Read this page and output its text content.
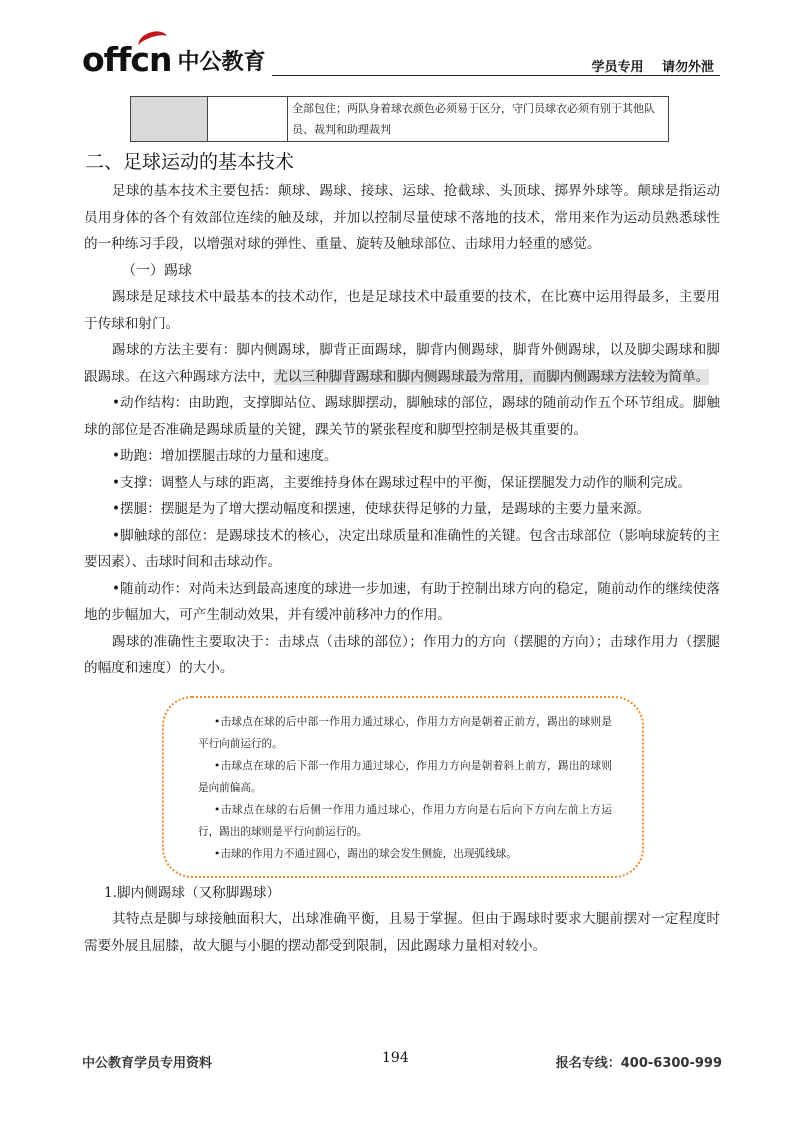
offcn 中公教育	学员专用 请勿外泄
		全部包住；两队身着球衣颜色必须易于区分，守门员球衣必须有别于其他队员、裁判和助理裁判
二、足球运动的基本技术

足球的基本技术主要包括：颠球、踢球、接球、运球、抢截球、头顶球、掷界外球等。颠球是指运动员用身体的各个有效部位连续的触及球，并加以控制尽量使球不落地的技术，常用来作为运动员熟悉球性的一种练习手段，以增强对球的弹性、重量、旋转及触球部位、击球用力轻重的感觉。

（一）踢球

踢球是足球技术中最基本的技术动作，也是足球技术中最重要的技术，在比赛中运用得最多，主要用于传球和射门。

踢球的方法主要有：脚内侧踢球，脚背正面踢球，脚背内侧踢球，脚背外侧踢球，以及脚尖踢球和脚跟踢球。在这六种踢球方法中，尤以三种脚背踢球和脚内侧踢球最为常用，而脚内侧踢球方法较为简单。

•动作结构：由助跑，支撑脚站位、踢球脚摆动，脚触球的部位，踢球的随前动作五个环节组成。脚触球的部位是否准确是踢球质量的关键，踝关节的紧张程度和脚型控制是极其重要的。

•助跑：增加摆腿击球的力量和速度。

•支撑：调整人与球的距离，主要维持身体在踢球过程中的平衡，保证摆腿发力动作的顺利完成。

•摆腿：摆腿是为了增大摆动幅度和摆速，使球获得足够的力量，是踢球的主要力量来源。

•脚触球的部位：是踢球技术的核心，决定出球质量和准确性的关键。包含击球部位（影响球旋转的主要因素）、击球时间和击球动作。

•随前动作：对尚未达到最高速度的球进一步加速，有助于控制出球方向的稳定，随前动作的继续使落地的步幅加大，可产生制动效果，并有缓冲前移冲力的作用。

踢球的准确性主要取决于：击球点（击球的部位）；作用力的方向（摆腿的方向）；击球作用力（摆腿的幅度和速度）的大小。

•击球点在球的后中部一作用力通过球心，作用力方向是朝着正前方，踢出的球则是平行向前运行的。

•击球点在球的后下部一作用力通过球心，作用力方向是朝着斜上前方，踢出的球则是向前偏高。

•击球点在球的右后侧一作用力通过球心，作用力方向是右后向下方向左前上方运行，踢出的球则是平行向前运行的。

•击球的作用力不通过圆心，踢出的球会发生侧旋，出现弧线球。

1.脚内侧踢球（又称脚踢球）

其特点是脚与球接触面积大，出球准确平衡，且易于掌握。但由于踢球时要求大腿前摆对一定程度时需要外展且屈膝，故大腿与小腿的摆动都受到限制，因此踢球力量相对较小。

中公教育学员专用资料	194	报名专线：400-6300-999
